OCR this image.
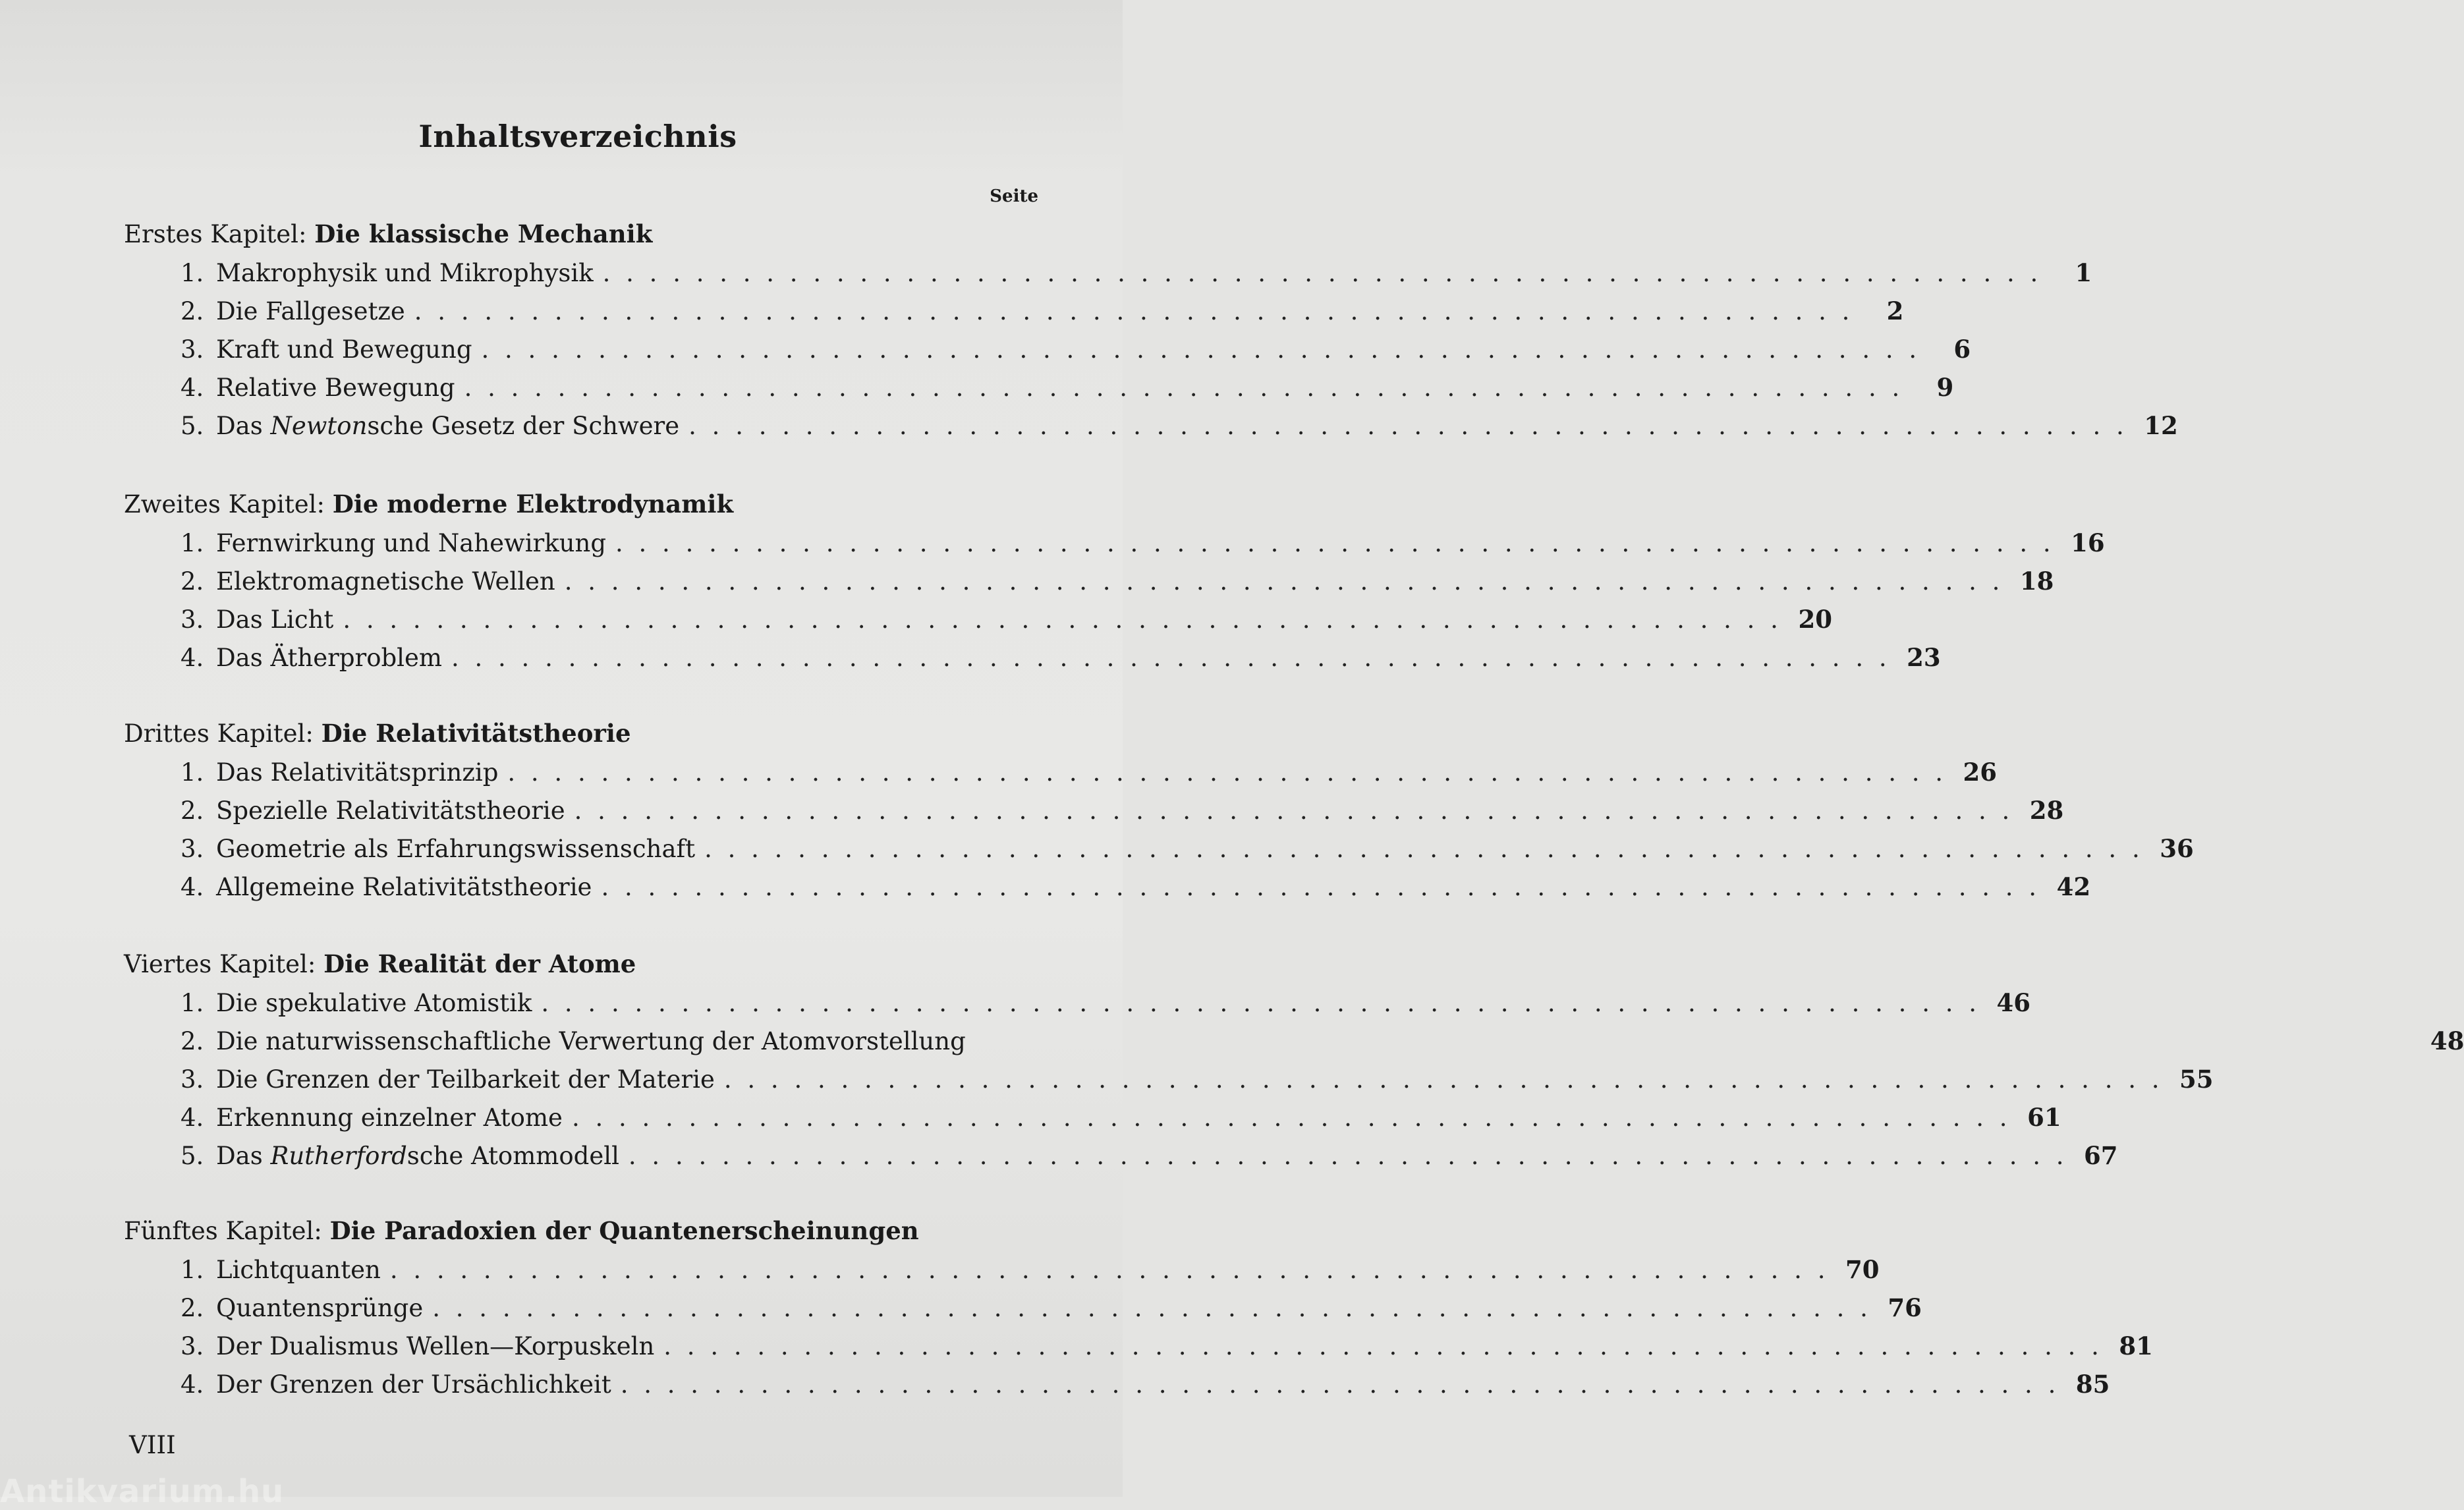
Inhaltsverzeichnis
Seite
Erstes Kapitel: Die klassische Mechanik
1. Makrophysik und Mikrophysik . . . . . . . . . . . . . . . . . . . . . . . . . . . . . . . . . . . . . . . . . . . . . . . . . . . . . . . . . . . . . .	1
2. Die Fallgesetze . . . . . . . . . . . . . . . . . . . . . . . . . . . . . . . . . . . . . . . . . . . . . . . . . . . . . . . . . . . . . .	2
3. Kraft und Bewegung . . . . . . . . . . . . . . . . . . . . . . . . . . . . . . . . . . . . . . . . . . . . . . . . . . . . . . . . . . . . . .	6
4. Relative Bewegung . . . . . . . . . . . . . . . . . . . . . . . . . . . . . . . . . . . . . . . . . . . . . . . . . . . . . . . . . . . . . .	9
5. Das Newtonsche Gesetz der Schwere . . . . . . . . . . . . . . . . . . . . . . . . . . . . . . . . . . . . . . . . . . . . . . . . . . . . . . . . . . . . . . 12
Zweites Kapitel: Die moderne Elektrodynamik
1. Fernwirkung und Nahewirkung . . . . . . . . . . . . . . . . . . . . . . . . . . . . . . . . . . . . . . . . . . . . . . . . . . . . . . . . . . . . . . 16
2. Elektromagnetische Wellen . . . . . . . . . . . . . . . . . . . . . . . . . . . . . . . . . . . . . . . . . . . . . . . . . . . . . . . . . . . . . . 18
3. Das Licht . . . . . . . . . . . . . . . . . . . . . . . . . . . . . . . . . . . . . . . . . . . . . . . . . . . . . . . . . . . . . . 20
4. Das Ätherproblem . . . . . . . . . . . . . . . . . . . . . . . . . . . . . . . . . . . . . . . . . . . . . . . . . . . . . . . . . . . . . . 23
Drittes Kapitel: Die Relativitätstheorie
1. Das Relativitätsprinzip . . . . . . . . . . . . . . . . . . . . . . . . . . . . . . . . . . . . . . . . . . . . . . . . . . . . . . . . . . . . . . 26
2. Spezielle Relativitätstheorie . . . . . . . . . . . . . . . . . . . . . . . . . . . . . . . . . . . . . . . . . . . . . . . . . . . . . . . . . . . . . . 28
3. Geometrie als Erfahrungswissenschaft . . . . . . . . . . . . . . . . . . . . . . . . . . . . . . . . . . . . . . . . . . . . . . . . . . . . . . . . . . . . . . 36
4. Allgemeine Relativitätstheorie . . . . . . . . . . . . . . . . . . . . . . . . . . . . . . . . . . . . . . . . . . . . . . . . . . . . . . . . . . . . . . 42
Viertes Kapitel: Die Realität der Atome
1. Die spekulative Atomistik . . . . . . . . . . . . . . . . . . . . . . . . . . . . . . . . . . . . . . . . . . . . . . . . . . . . . . . . . . . . . . 46
2. Die naturwissenschaftliche Verwertung der Atomvorstellung	48
3. Die Grenzen der Teilbarkeit der Materie . . . . . . . . . . . . . . . . . . . . . . . . . . . . . . . . . . . . . . . . . . . . . . . . . . . . . . . . . . . . . . 55
4. Erkennung einzelner Atome . . . . . . . . . . . . . . . . . . . . . . . . . . . . . . . . . . . . . . . . . . . . . . . . . . . . . . . . . . . . . . 61
5. Das Rutherfordsche Atommodell . . . . . . . . . . . . . . . . . . . . . . . . . . . . . . . . . . . . . . . . . . . . . . . . . . . . . . . . . . . . . . 67
Fünftes Kapitel: Die Paradoxien der Quantenerscheinungen
1. Lichtquanten . . . . . . . . . . . . . . . . . . . . . . . . . . . . . . . . . . . . . . . . . . . . . . . . . . . . . . . . . . . . . . 70
2. Quantensprünge . . . . . . . . . . . . . . . . . . . . . . . . . . . . . . . . . . . . . . . . . . . . . . . . . . . . . . . . . . . . . . 76
3. Der Dualismus Wellen—Korpuskeln . . . . . . . . . . . . . . . . . . . . . . . . . . . . . . . . . . . . . . . . . . . . . . . . . . . . . . . . . . . . . . 81
4. Der Grenzen der Ursächlichkeit . . . . . . . . . . . . . . . . . . . . . . . . . . . . . . . . . . . . . . . . . . . . . . . . . . . . . . . . . . . . . . 85
VIII
Antikvarium.hu
